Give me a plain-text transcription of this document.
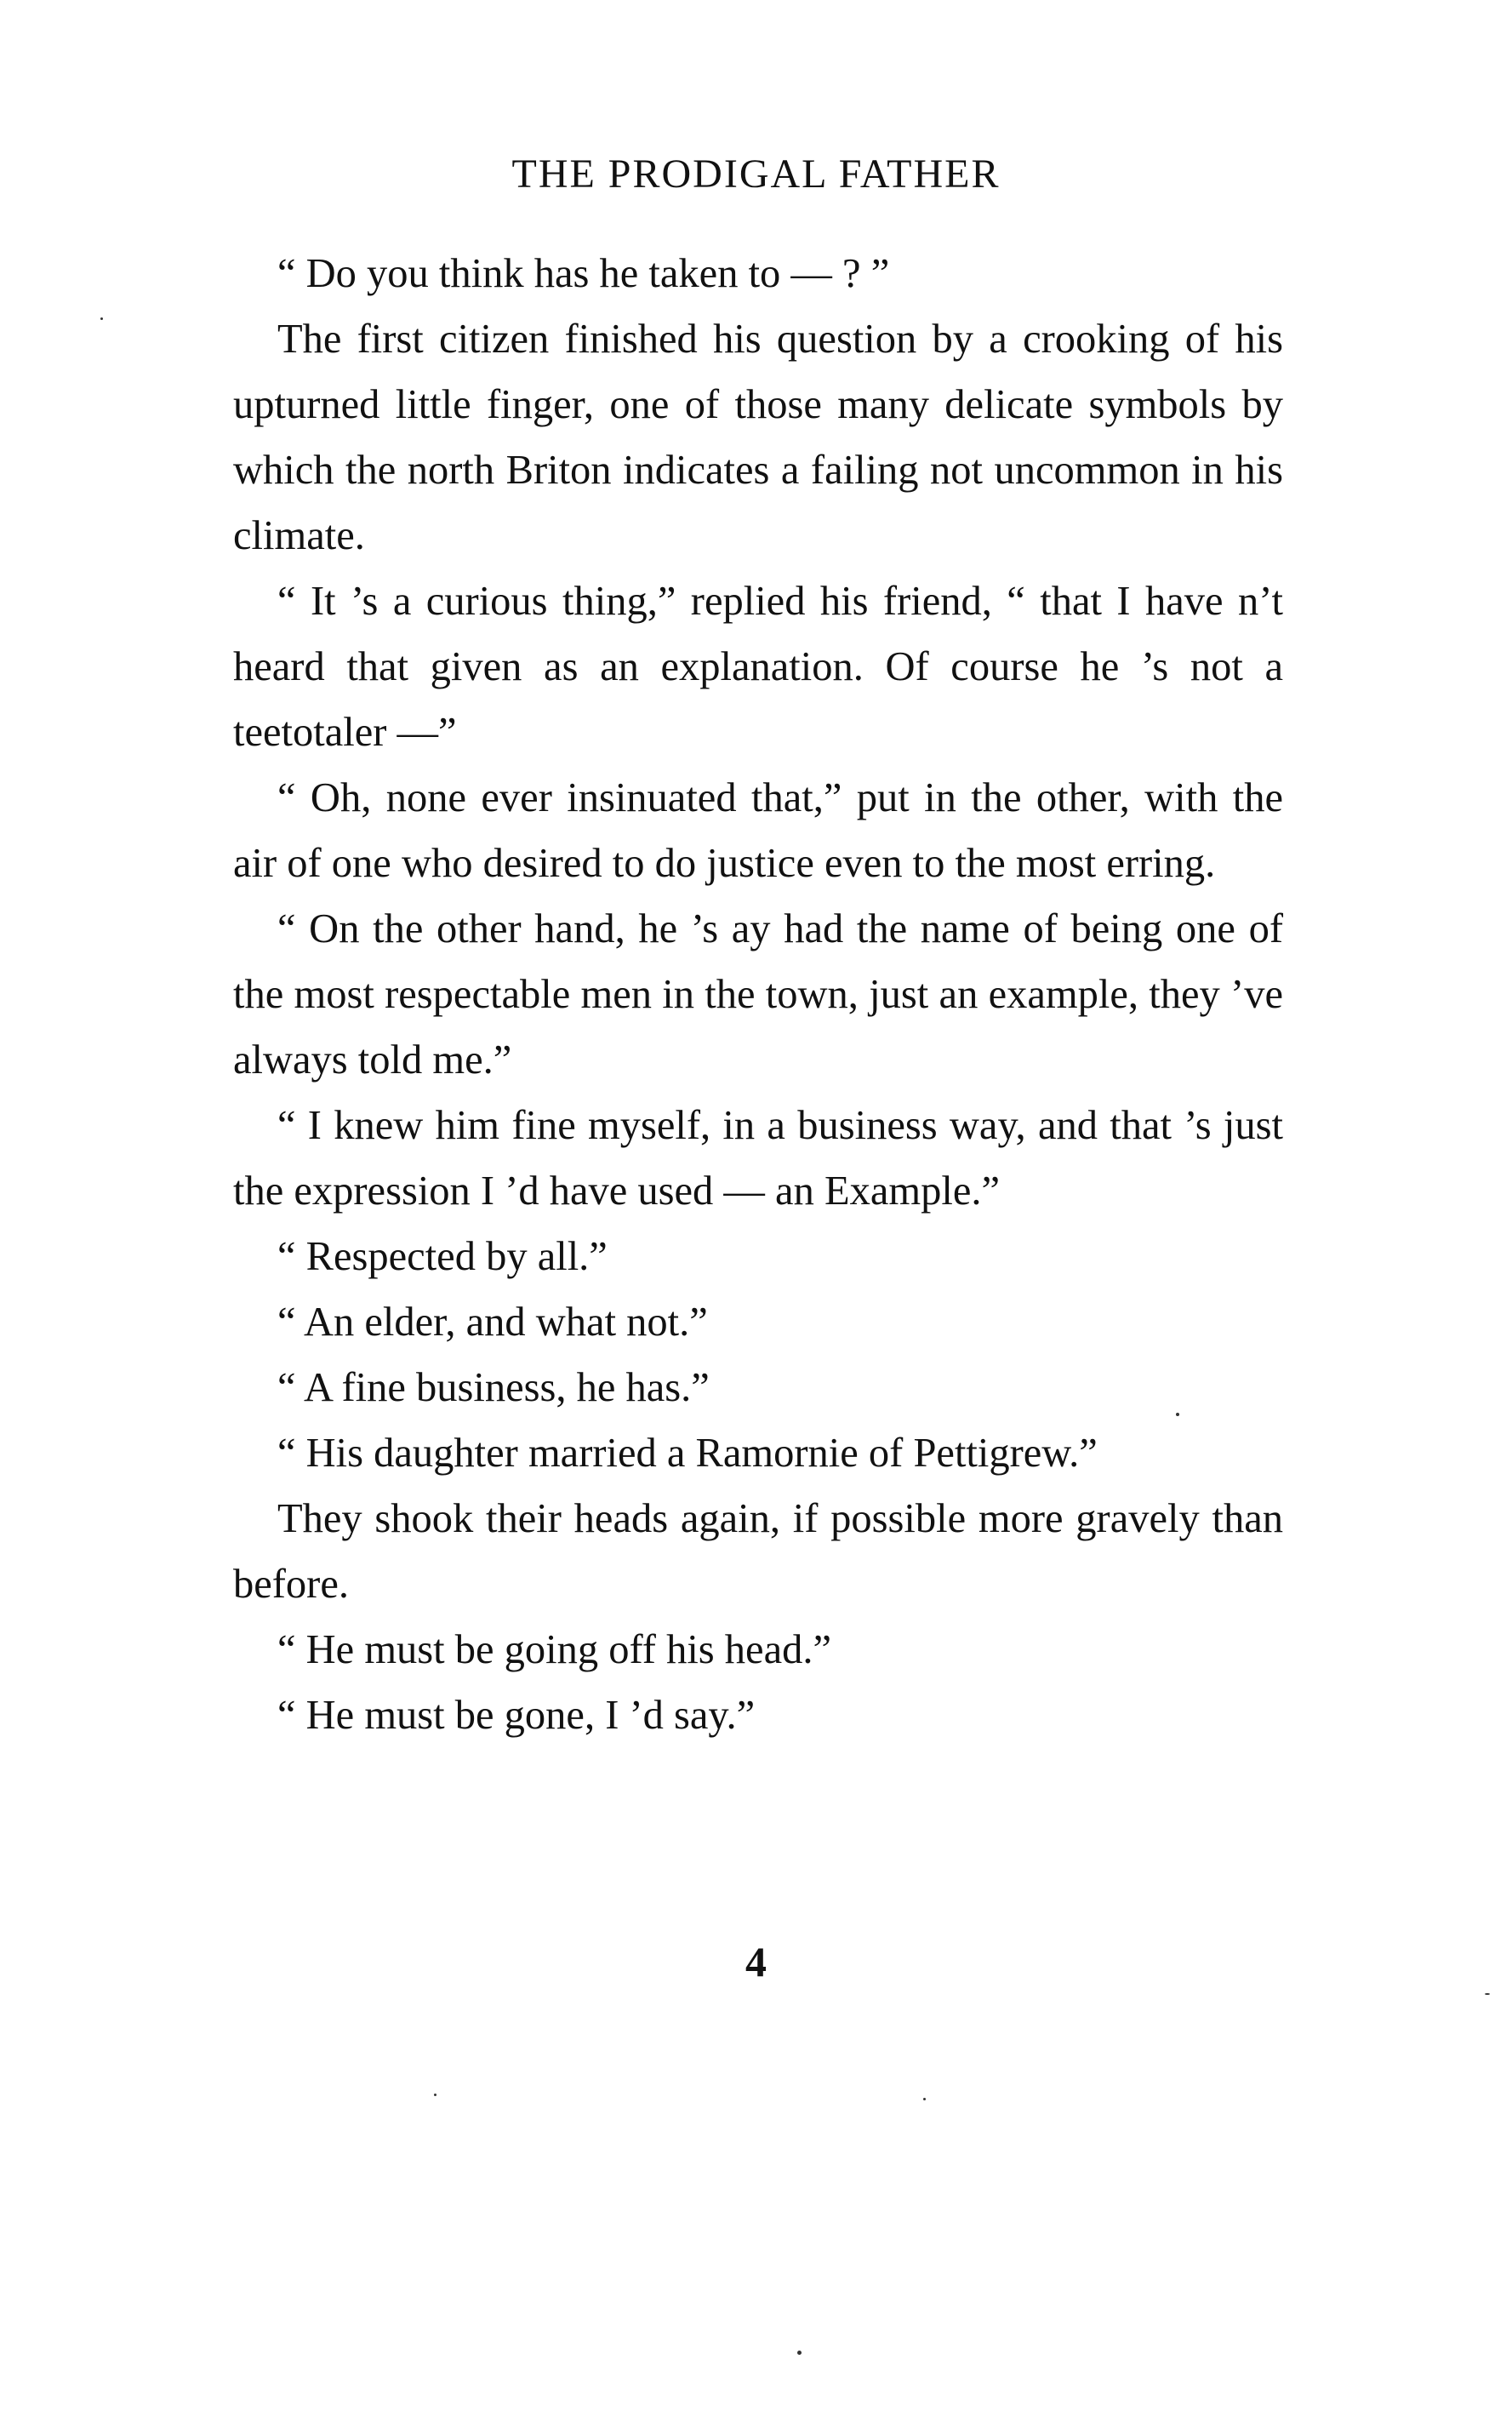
THE PRODIGAL FATHER

“ Do you think has he taken to — ? ”

The first citizen finished his question by a crooking of his upturned little finger, one of those many delicate symbols by which the north Briton indicates a failing not uncommon in his climate.

“ It ’s a curious thing,” replied his friend, “ that I have n’t heard that given as an explanation. Of course he ’s not a teetotaler —”

“ Oh, none ever insinuated that,” put in the other, with the air of one who desired to do justice even to the most erring.

“ On the other hand, he ’s ay had the name of being one of the most respectable men in the town, just an example, they ’ve always told me.”

“ I knew him fine myself, in a business way, and that ’s just the expression I ’d have used — an Example.”

“ Respected by all.”

“ An elder, and what not.”

“ A fine business, he has.”

“ His daughter married a Ramornie of Pettigrew.”

They shook their heads again, if possible more gravely than before.

“ He must be going off his head.”

“ He must be gone, I ’d say.”

4
